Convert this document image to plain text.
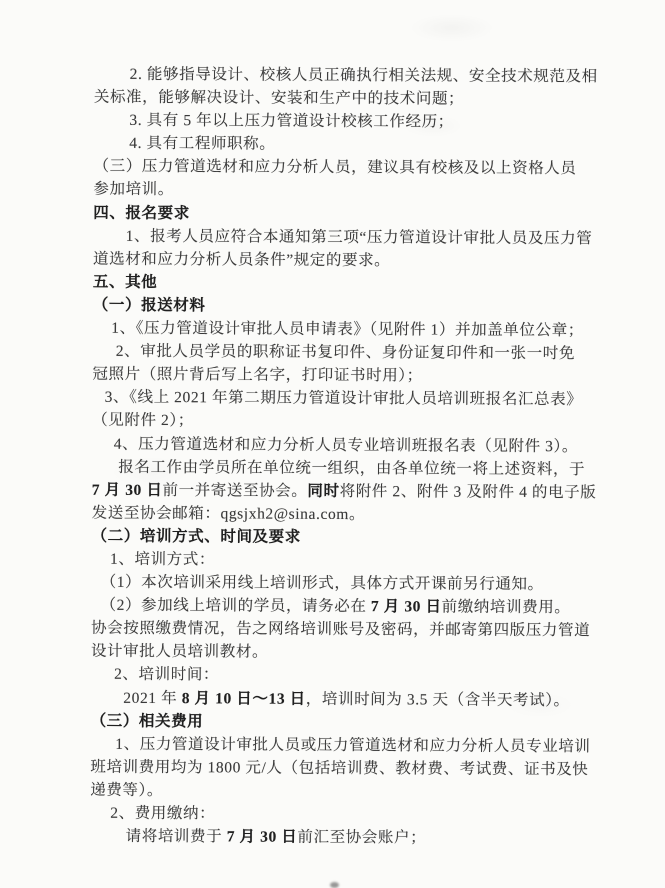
2. 能够指导设计、校核人员正确执行相关法规、安全技术规范及相

关标准，能够解决设计、安装和生产中的技术问题；

3. 具有 5 年以上压力管道设计校核工作经历；

4. 具有工程师职称。

（三）压力管道选材和应力分析人员，建议具有校核及以上资格人员

参加培训。

四、报名要求

1、报考人员应符合本通知第三项“压力管道设计审批人员及压力管

道选材和应力分析人员条件”规定的要求。

五、其他

（一）报送材料

1、《压力管道设计审批人员申请表》（见附件 1）并加盖单位公章；

2、审批人员学员的职称证书复印件、身份证复印件和一张一吋免

冠照片（照片背后写上名字，打印证书时用）；

3、《线上 2021 年第二期压力管道设计审批人员培训班报名汇总表》

（见附件 2）；

4、压力管道选材和应力分析人员专业培训班报名表（见附件 3）。

报名工作由学员所在单位统一组织，由各单位统一将上述资料，于

7 月 30 日前一并寄送至协会。同时将附件 2、附件 3 及附件 4 的电子版

发送至协会邮箱：qgsjxh2@sina.com。

（二）培训方式、时间及要求

1、培训方式：

（1）本次培训采用线上培训形式，具体方式开课前另行通知。

（2）参加线上培训的学员，请务必在 7 月 30 日前缴纳培训费用。

协会按照缴费情况，告之网络培训账号及密码，并邮寄第四版压力管道

设计审批人员培训教材。

2、培训时间：

2021 年 8 月 10 日～13 日，培训时间为 3.5 天（含半天考试）。

（三）相关费用

1、压力管道设计审批人员或压力管道选材和应力分析人员专业培训

班培训费用均为 1800 元/人（包括培训费、教材费、考试费、证书及快

递费等）。

2、费用缴纳：

请将培训费于 7 月 30 日前汇至协会账户；
